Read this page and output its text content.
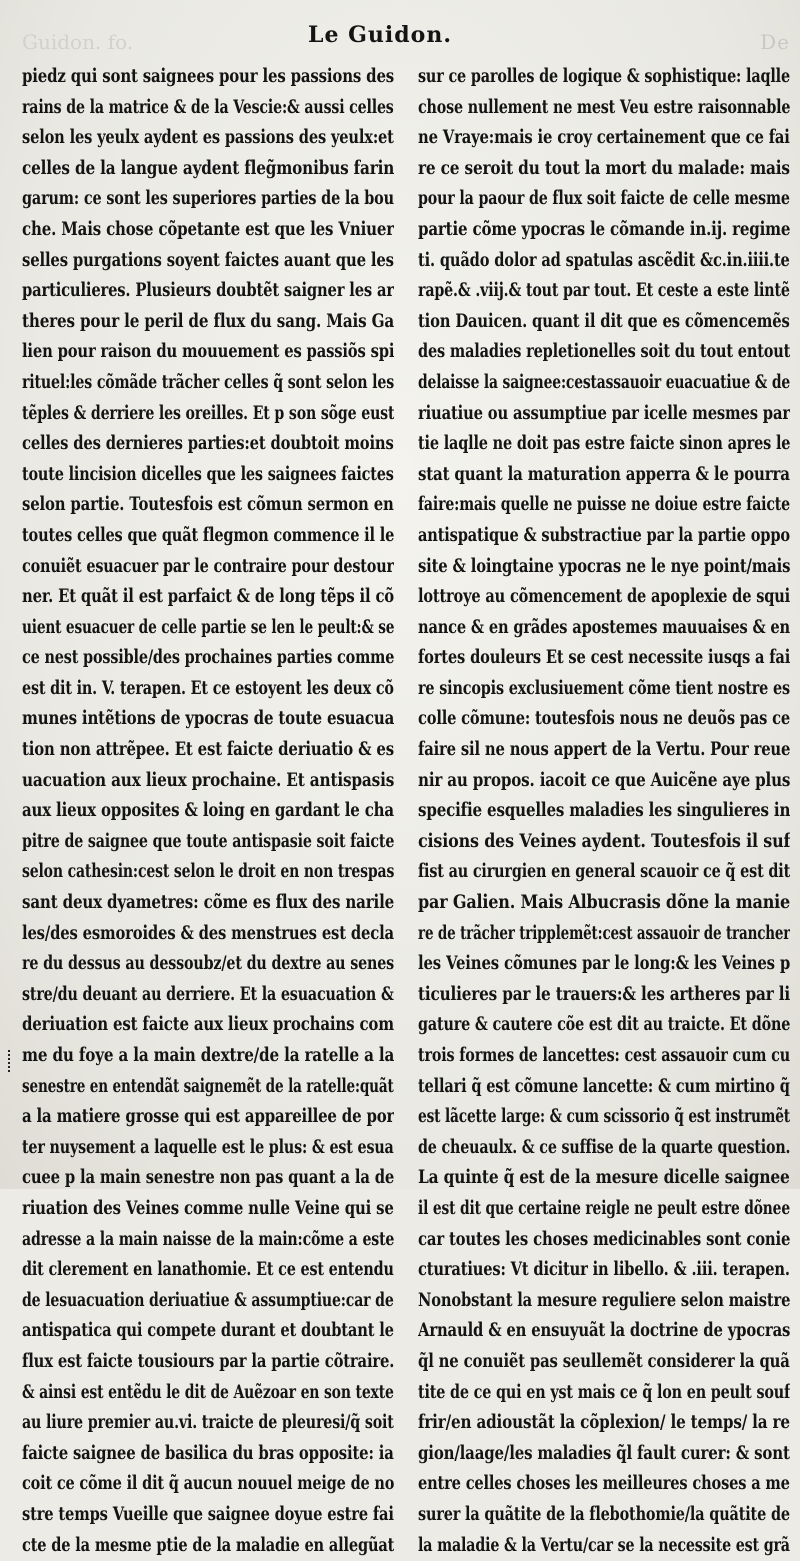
Guidon. fo.	De
Le Guidon.
piedz qui sont saignees pour les passions des
rains de la matrice & de la Vescie:& aussi celles
selon les yeulx aydent es passions des yeulx:et
celles de la langue aydent fleg̃monibus farin
garum: ce sont les superiores parties de la bou
che. Mais chose cõpetante est que les Vniuer
selles purgations soyent faictes auant que les
particulieres. Plusieurs doubtẽt saigner les ar
theres pour le peril de flux du sang. Mais Ga
lien pour raison du mouuement es passiõs spi
rituel:les cõmãde trãcher celles q̃ sont selon les
tẽples & derriere les oreilles. Et p son sõge eust
celles des dernieres parties:et doubtoit moins
toute lincision dicelles que les saignees faictes
selon partie. Toutesfois est cõmun sermon en
toutes celles que quãt flegmon commence il le
conuiẽt esuacuer par le contraire pour destour
ner. Et quãt il est parfaict & de long tẽps il cõ
uient esuacuer de celle partie se len le peult:& se
ce nest possible/des prochaines parties comme
est dit in. V. terapen. Et ce estoyent les deux cõ
munes intẽtions de ypocras de toute esuacua
tion non attrẽpee. Et est faicte deriuatio & es
uacuation aux lieux prochaine. Et antispasis
aux lieux opposites & loing en gardant le cha
pitre de saignee que toute antispasie soit faicte
selon cathesin:cest selon le droit en non trespas
sant deux dyametres: cõme es flux des narile
les/des esmoroides & des menstrues est decla
re du dessus au dessoubz/et du dextre au senes
stre/du deuant au derriere. Et la esuacuation &
deriuation est faicte aux lieux prochains com
me du foye a la main dextre/de la ratelle a la
senestre en entendãt saignemẽt de la ratelle:quãt
a la matiere grosse qui est appareillee de por
ter nuysement a laquelle est le plus: & est esua
cuee p la main senestre non pas quant a la de
riuation des Veines comme nulle Veine qui se
adresse a la main naisse de la main:cõme a este
dit clerement en lanathomie. Et ce est entendu
de lesuacuation deriuatiue & assumptiue:car de
antispatica qui compete durant et doubtant le
flux est faicte tousiours par la partie cõtraire.
& ainsi est entẽdu le dit de Auẽzoar en son texte
au liure premier au.vi. traicte de pleuresi/q̃ soit
faicte saignee de basilica du bras opposite: ia
coit ce cõme il dit q̃ aucun nouuel meige de no
stre temps Vueille que saignee doyue estre fai
cte de la mesme ptie de la maladie en allegũat
sur ce parolles de logique & sophistique: laqlle
chose nullement ne mest Veu estre raisonnable
ne Vraye:mais ie croy certainement que ce fai
re ce seroit du tout la mort du malade: mais
pour la paour de flux soit faicte de celle mesme
partie cõme ypocras le cõmande in.ij. regime
ti. quãdo dolor ad spatulas ascẽdit &c.in.iiii.te
rapẽ.& .viij.& tout par tout. Et ceste a este lintẽ
tion Dauicen. quant il dit que es cõmencemẽs
des maladies repletionelles soit du tout entout
delaisse la saignee:cestassauoir euacuatiue & de
riuatiue ou assumptiue par icelle mesmes par
tie laqlle ne doit pas estre faicte sinon apres le
stat quant la maturation apperra & le pourra
faire:mais quelle ne puisse ne doiue estre faicte
antispatique & substractiue par la partie oppo
site & loingtaine ypocras ne le nye point/mais
lottroye au cõmencement de apoplexie de squi
nance & en grãdes apostemes mauuaises & en
fortes douleurs Et se cest necessite iusqs a fai
re sincopis exclusiuement cõme tient nostre es
colle cõmune: toutesfois nous ne deuõs pas ce
faire sil ne nous appert de la Vertu. Pour reue
nir au propos. iacoit ce que Auicẽne aye plus
specifie esquelles maladies les singulieres in
cisions des Veines aydent. Toutesfois il suf
fist au cirurgien en general scauoir ce q̃ est dit
par Galien. Mais Albucrasis dõne la manie
re de trãcher tripplemẽt:cest assauoir de trancher
les Veines cõmunes par le long:& les Veines p
ticulieres par le trauers:& les artheres par li
gature & cautere cõe est dit au traicte. Et dõne
trois formes de lancettes: cest assauoir cum cu
tellari q̃ est cõmune lancette: & cum mirtino q̃
est lãcette large: & cum scissorio q̃ est instrumẽt
de cheuaulx. & ce suffise de la quarte question.
La quinte q̃ est de la mesure dicelle saignee
il est dit que certaine reigle ne peult estre dõnee
car toutes les choses medicinables sont conie
cturatiues: Vt dicitur in libello. & .iii. terapen.
Nonobstant la mesure reguliere selon maistre
Arnauld & en ensuyuãt la doctrine de ypocras
q̃l ne conuiẽt pas seullemẽt considerer la quã
tite de ce qui en yst mais ce q̃ lon en peult souf
frir/en adioustãt la cõplexion/ le temps/ la re
gion/laage/les maladies q̃l fault curer: & sont
entre celles choses les meilleures choses a me
surer la quãtite de la flebothomie/la quãtite de
la maladie & la Vertu/car se la necessite est grã
